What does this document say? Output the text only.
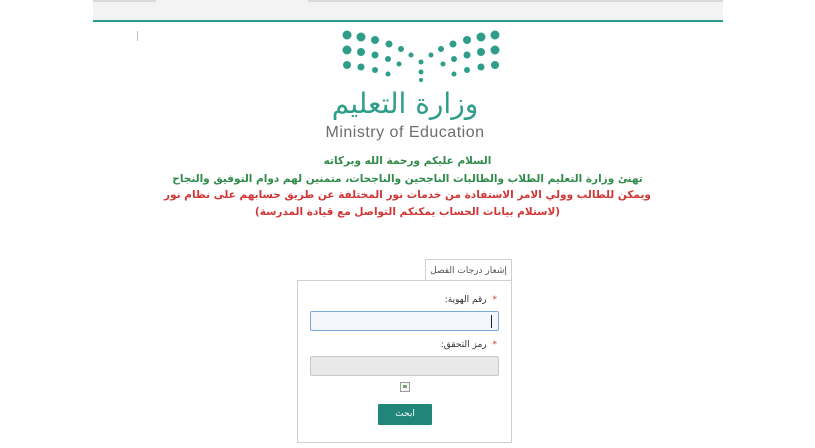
وزارة التعليم
Ministry of Education
السلام عليكم ورحمة الله وبركاته
تهنئ وزارة التعليم الطلاب والطالبات الناجحين والناجحات، متمنين لهم دوام التوفيق والنجاح
ويمكن للطالب وولي الامر الاستفادة من خدمات نور المختلفة عن طريق حسابهم على نظام نور
(لاستلام بيانات الحساب يمكنكم التواصل مع قيادة المدرسة)
إشعار درجات الفصل
* رقم الهوية:
* رمز التحقق:
ابحث
